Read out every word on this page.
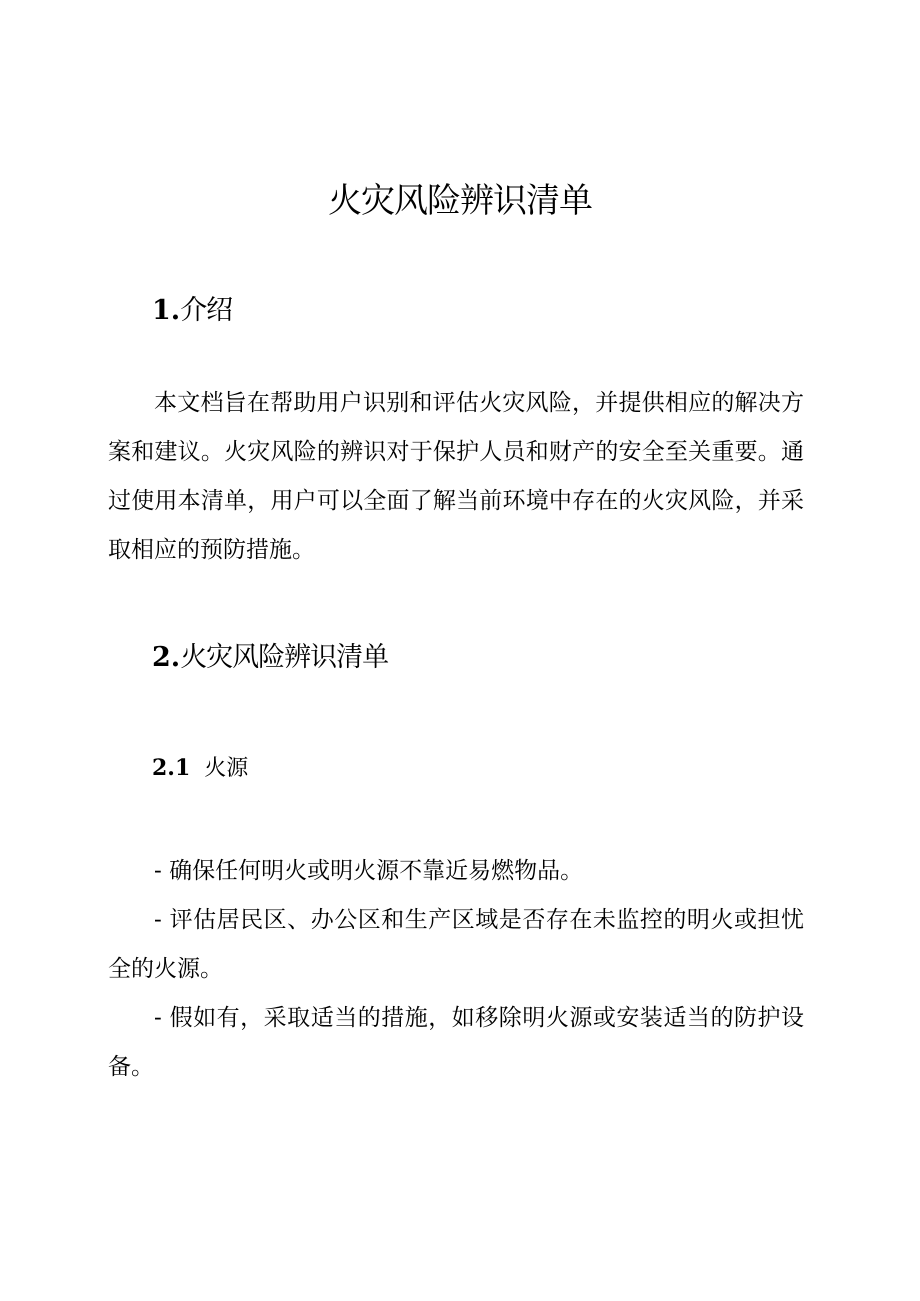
火灾风险辨识清单
1.介绍

本文档旨在帮助用户识别和评估火灾风险，并提供相应的解决方案和建议。火灾风险的辨识对于保护人员和财产的安全至关重要。通过使用本清单，用户可以全面了解当前环境中存在的火灾风险，并采取相应的预防措施。

2.火灾风险辨识清单
2.1 火源

- 确保任何明火或明火源不靠近易燃物品。

- 评估居民区、办公区和生产区域是否存在未监控的明火或担忧全的火源。

- 假如有，采取适当的措施，如移除明火源或安装适当的防护设备。
